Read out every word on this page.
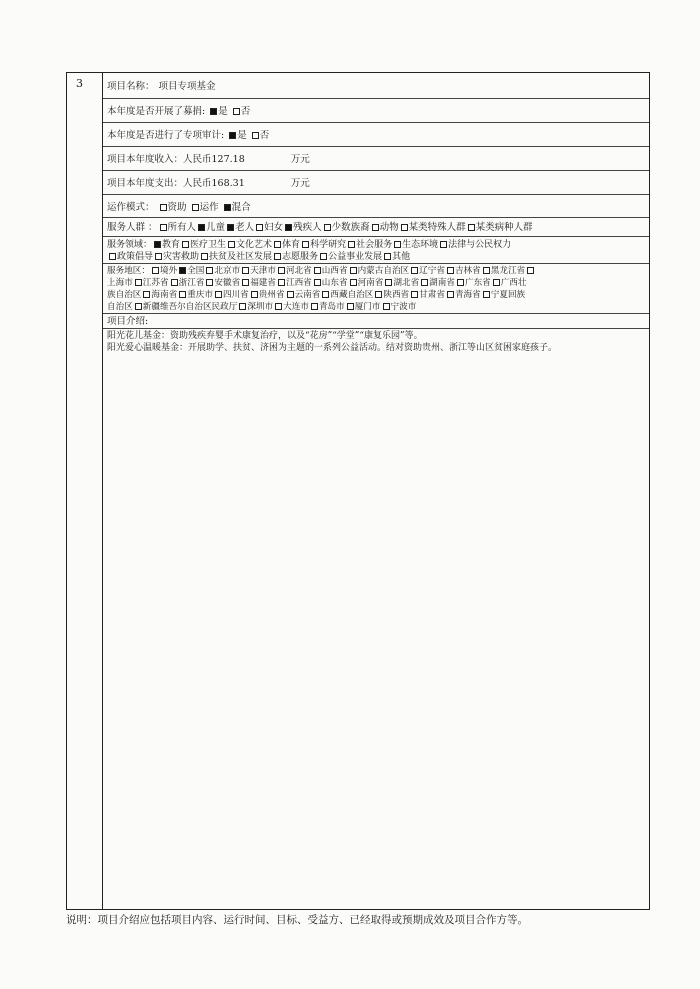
3	项目名称： 项目专项基金
本年度是否开展了募捐: 是 否
本年度是否进行了专项审计: 是 否
项目本年度收入：人民币127.18	万元
项目本年度支出：人民币168.31	万元
运作模式： 资助 运作 混合
服务人群 ： 所有人 儿童 老人 妇女 残疾人 少数族裔 动物 某类特殊人群 某类病种人群
服务领域： 教育 医疗卫生 文化艺术 体育 科学研究 社会服务 生态环境 法律与公民权力
政策倡导 灾害救助 扶贫及社区发展 志愿服务 公益事业发展 其他
服务地区： 境外 全国 北京市 天津市 河北省 山西省 内蒙古自治区 辽宁省 吉林省 黑龙江省
上海市 江苏省 浙江省 安徽省 福建省 江西省 山东省 河南省 湖北省 湖南省 广东省 广西壮
族自治区 海南省 重庆市 四川省 贵州省 云南省 西藏自治区 陕西省 甘肃省 青海省 宁夏回族
自治区 新疆维吾尔自治区民政厅 深圳市 大连市 青岛市 厦门市 宁波市
项目介绍:
阳光花儿基金：资助残疾弃婴手术康复治疗，以及“花房”“学堂”“康复乐园”等。
阳光爱心温暖基金：开展助学、扶贫、济困为主题的一系列公益活动。结对资助贵州、浙江等山区贫困家庭孩子。
说明：项目介绍应包括项目内容、运行时间、目标、受益方、已经取得或预期成效及项目合作方等。
